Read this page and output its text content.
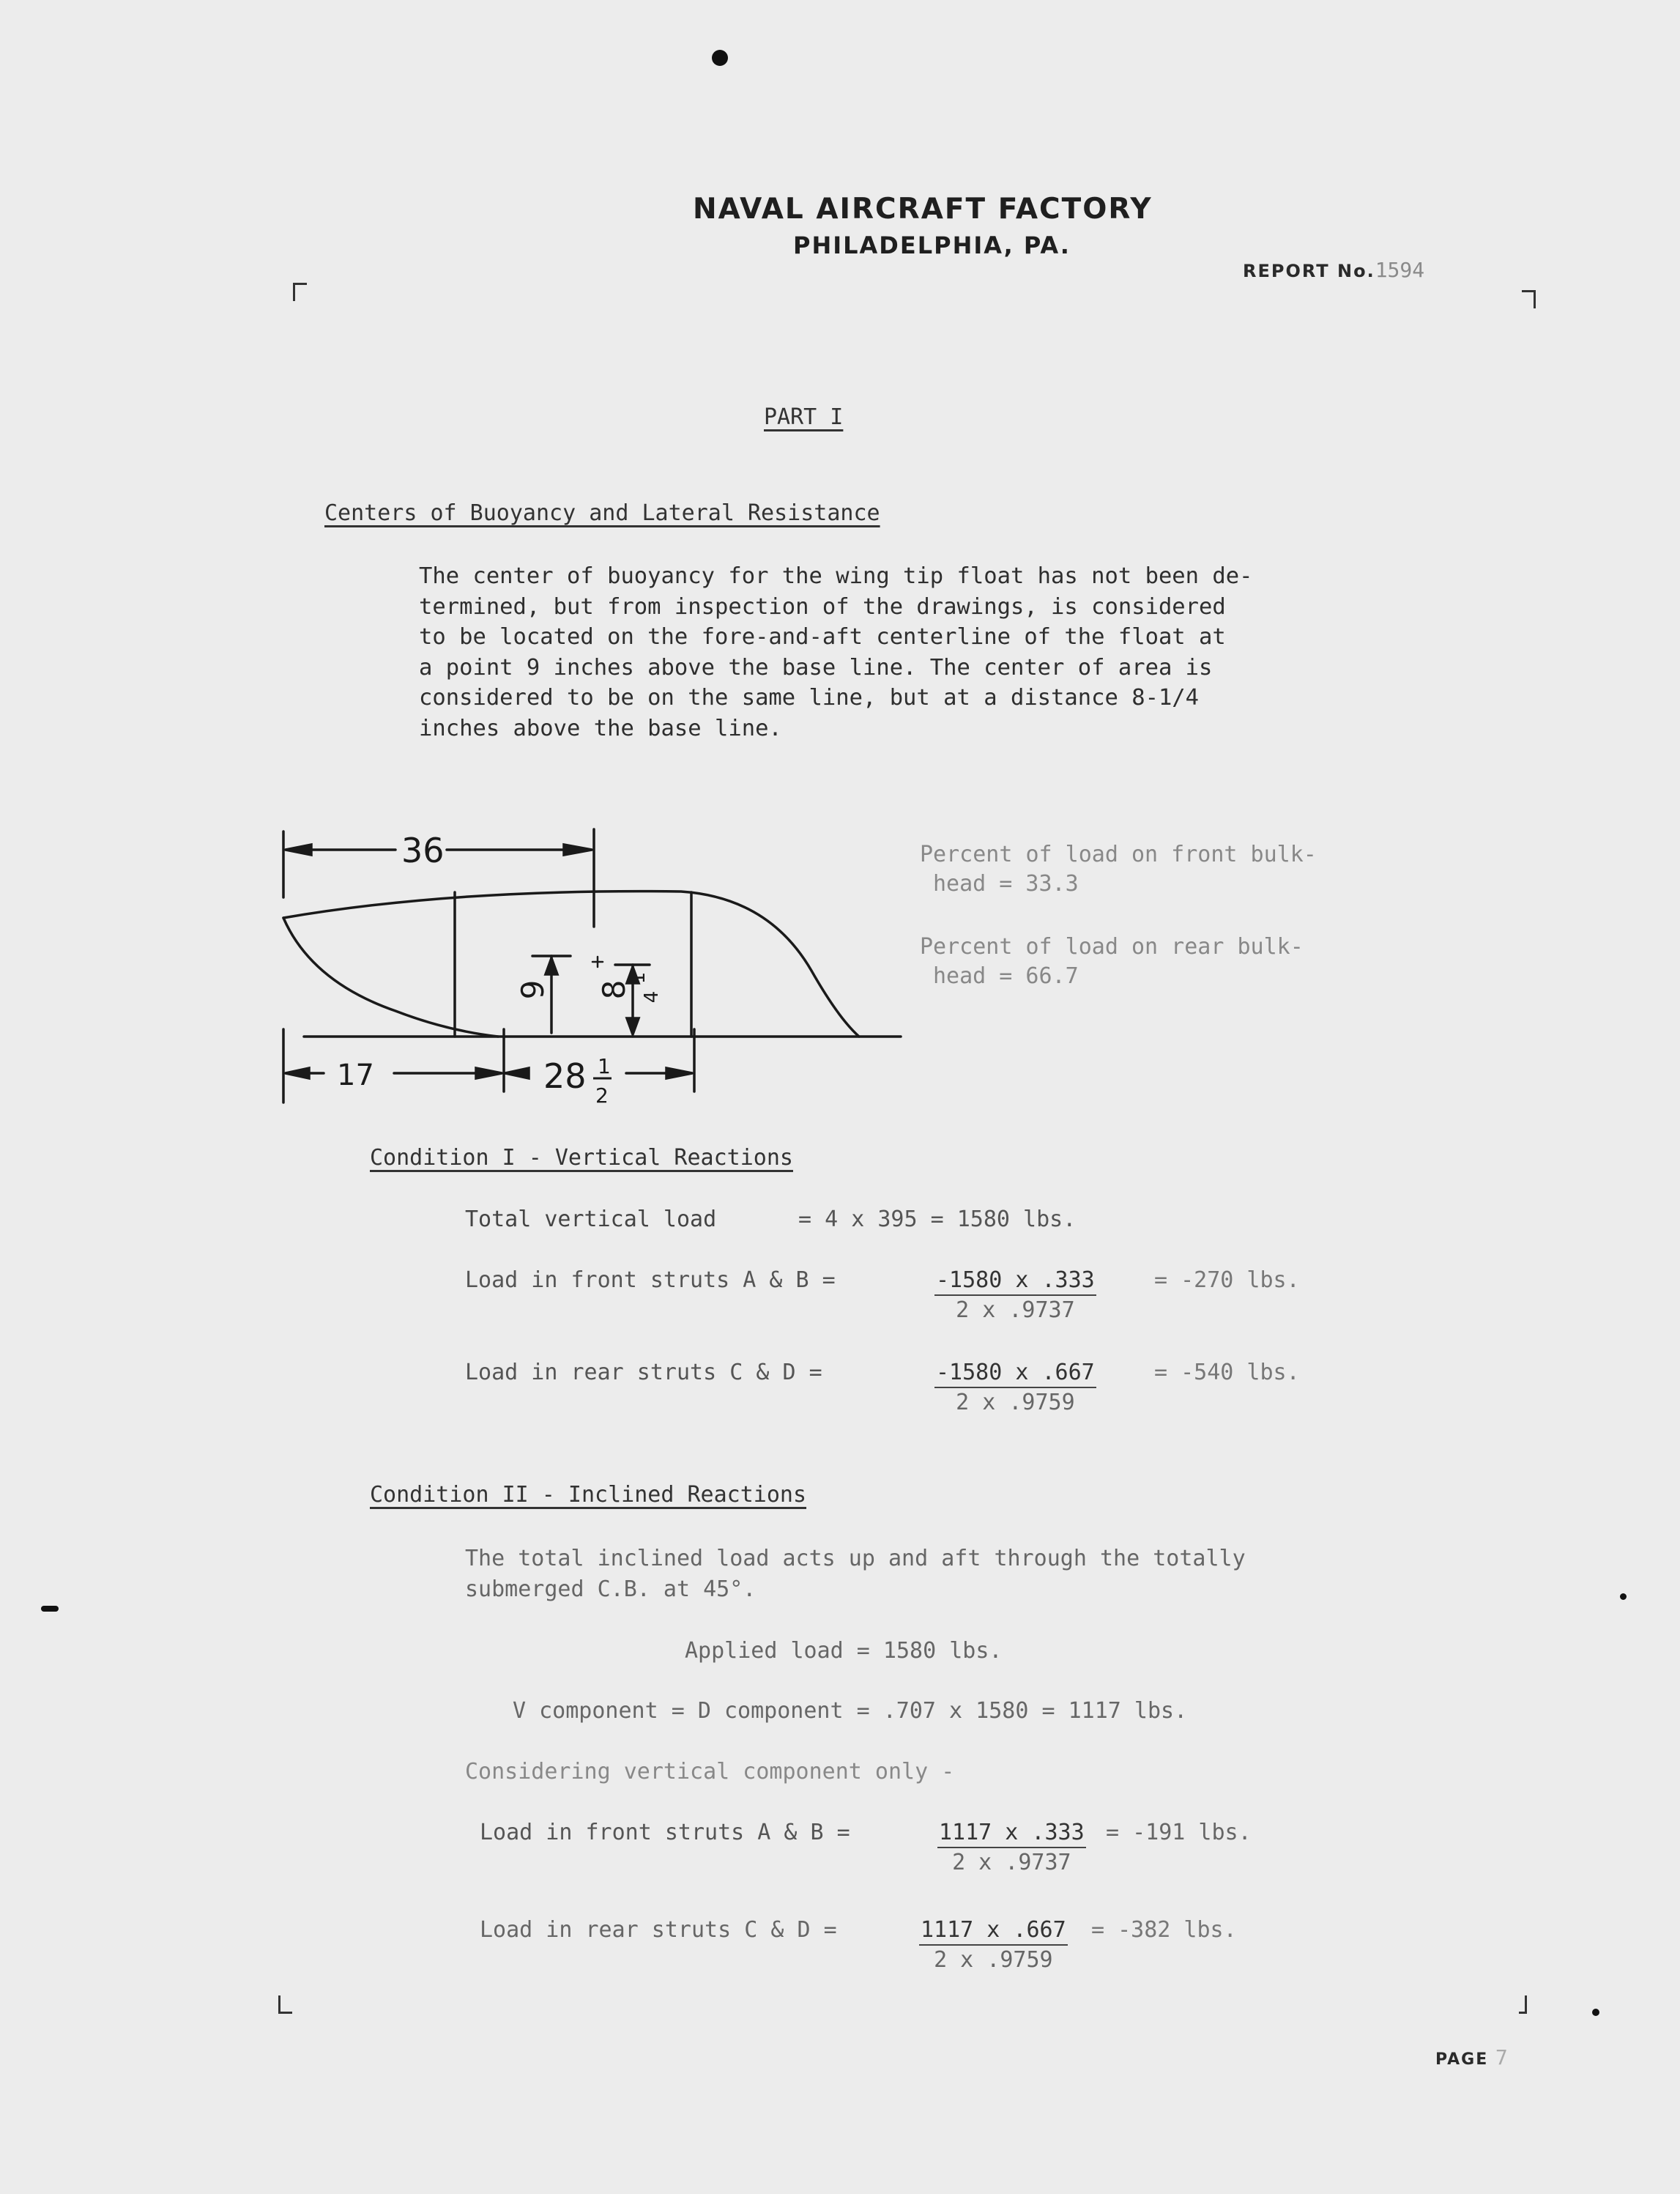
NAVAL AIRCRAFT FACTORY
PHILADELPHIA, PA.
REPORT No.1594
PART I
Centers of Buoyancy and Lateral Resistance
The center of buoyancy for the wing tip float has not been de-
termined, but from inspection of the drawings, is considered
to be located on the fore-and-aft centerline of the float at
a point 9 inches above the base line. The center of area is
considered to be on the same line, but at a distance 8-1/4
inches above the base line.
36
17	28 1
2
9 8
1
4
Percent of load on front bulk-
head = 33.3
Percent of load on rear bulk-
head = 66.7
Condition I - Vertical Reactions
Total vertical load	= 4 x 395 = 1580 lbs.
Load in front struts A & B =	$\frac{-1580 x .333}{2 x .9737}$	= -270 lbs.
Load in rear struts C & D =	$\frac{-1580 x .667}{2 x .9759}$	= -540 lbs.
Condition II - Inclined Reactions
The total inclined load acts up and aft through the totally
submerged C.B. at 45°.
Applied load = 1580 lbs.
V component = D component = .707 x 1580 = 1117 lbs.
Considering vertical component only -
Load in front struts A & B =	$\frac{1117 x .333}{2 x .9737} = -191$ lbs.
Load in rear struts C & D =	$\frac{1117 x .667}{2 x .9759} = -382$ lbs.
PAGE 7
